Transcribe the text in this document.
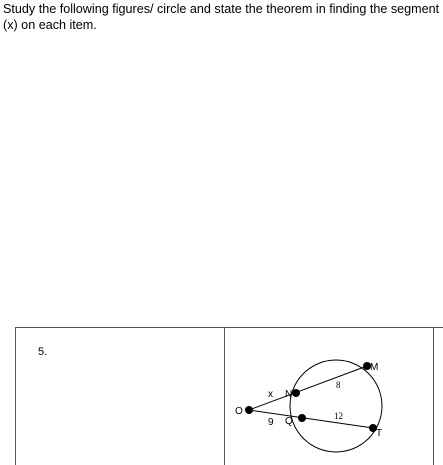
Study the following figures/ circle and state the theorem in finding the segment (x) on each item.

5.
O
N
M
Q
T
x
8
9
12
